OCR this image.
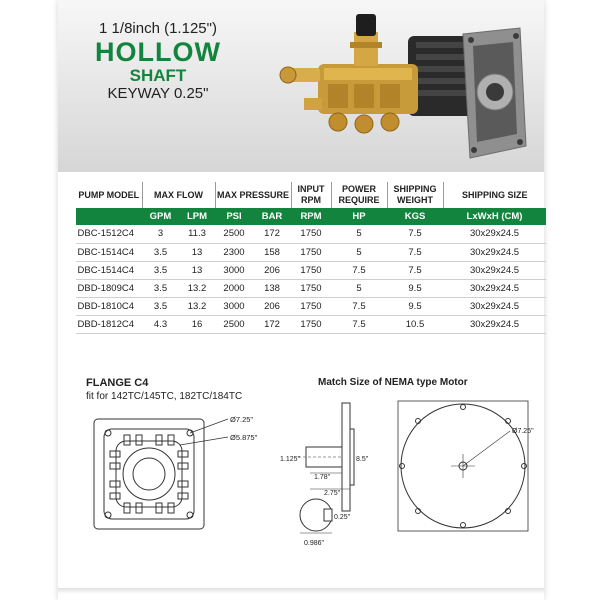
1 1/8inch (1.125")
HOLLOW
SHAFT
KEYWAY 0.25"
PUMP MODEL	MAX FLOW		MAX PRESSURE		INPUT RPM	POWER REQUIRE	SHIPPING WEIGHT	SHIPPING SIZE
	GPM	LPM	PSI	BAR	RPM	HP	KGS	LxWxH (CM)
DBC-1512C4	3	11.3	2500	172	1750	5	7.5	30x29x24.5
DBC-1514C4	3.5	13	2300	158	1750	5	7.5	30x29x24.5
DBC-1514C4	3.5	13	3000	206	1750	7.5	7.5	30x29x24.5
DBD-1809C4	3.5	13.2	2000	138	1750	5	9.5	30x29x24.5
DBD-1810C4	3.5	13.2	3000	206	1750	7.5	9.5	30x29x24.5
DBD-1812C4	4.3	16	2500	172	1750	7.5	10.5	30x29x24.5
FLANGE C4
fit for 142TC/145TC, 182TC/184TC
Match Size of NEMA type Motor
Ø7.25"
Ø5.875"
1.125"
1.78"
8.5"
2.75"
Ø7.25"
0.25"
0.986"
